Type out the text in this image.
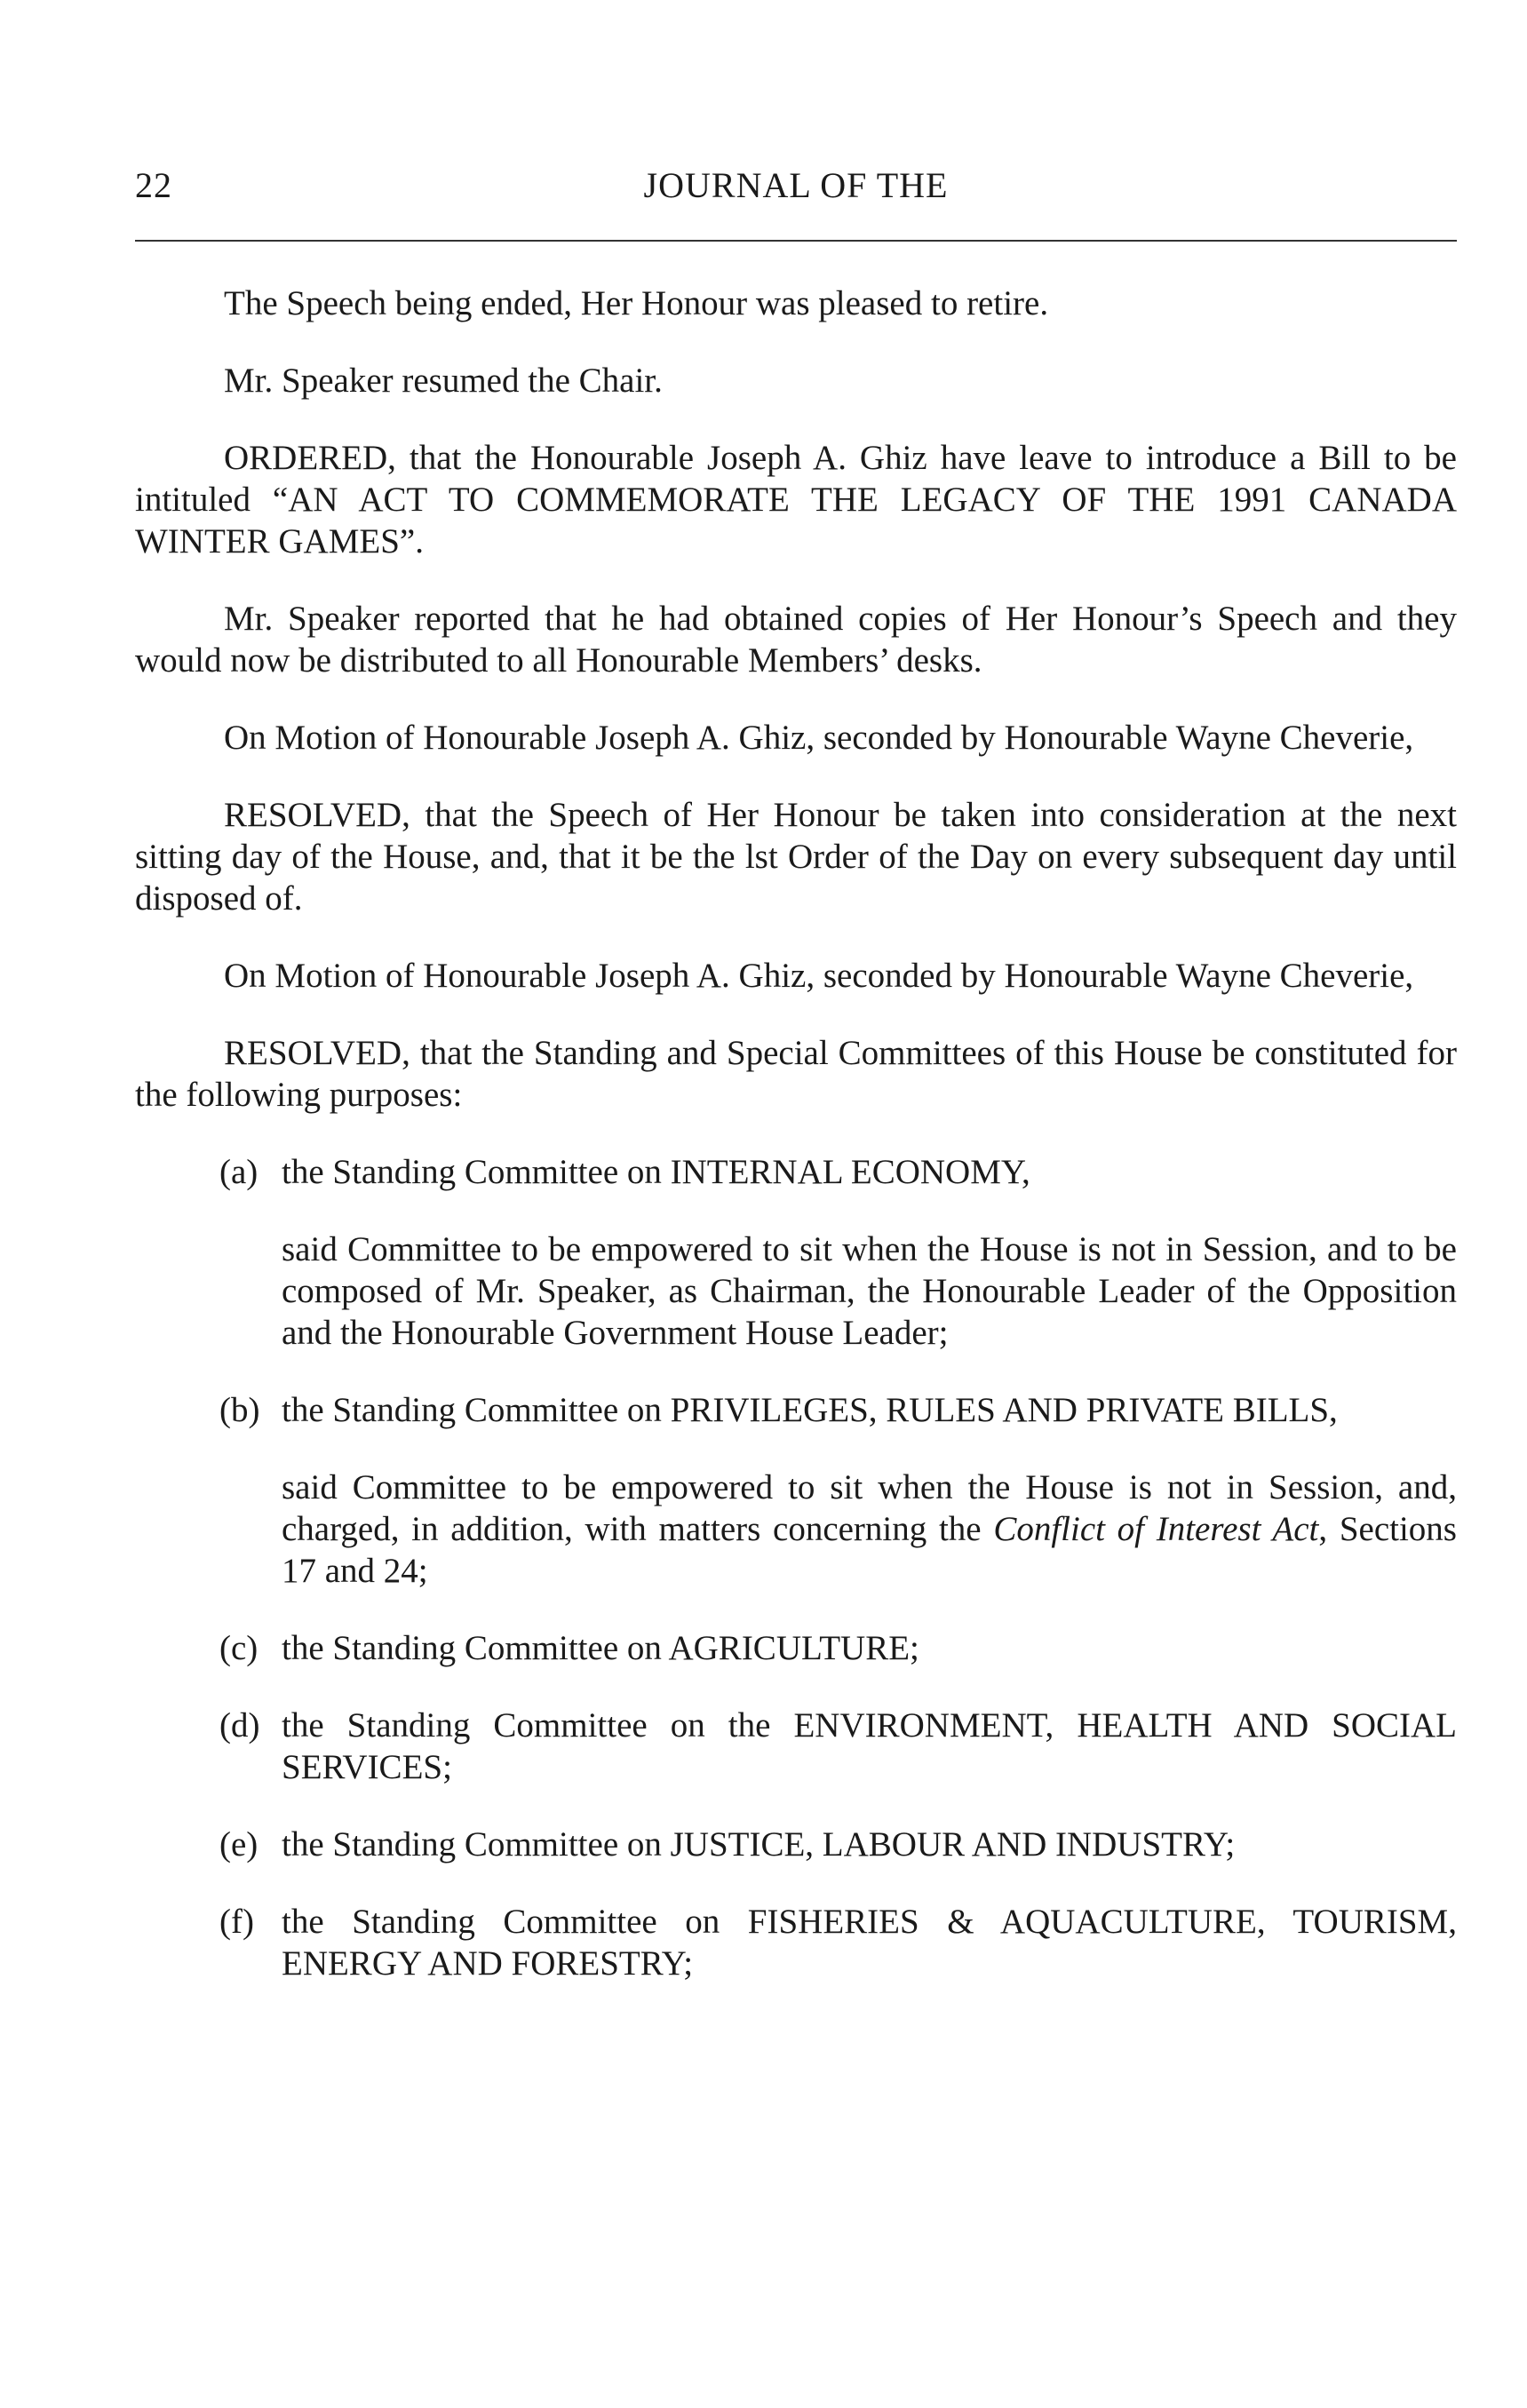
22	JOURNAL OF THE

The Speech being ended, Her Honour was pleased to retire.

Mr. Speaker resumed the Chair.

ORDERED, that the Honourable Joseph A. Ghiz have leave to introduce a Bill to be intituled “AN ACT TO COMMEMORATE THE LEGACY OF THE 1991 CANADA WINTER GAMES”.

Mr. Speaker reported that he had obtained copies of Her Honour’s Speech and they would now be distributed to all Honourable Members’ desks.

On Motion of Honourable Joseph A. Ghiz, seconded by Honourable Wayne Cheverie,

RESOLVED, that the Speech of Her Honour be taken into consideration at the next sitting day of the House, and, that it be the lst Order of the Day on every subsequent day until disposed of.

On Motion of Honourable Joseph A. Ghiz, seconded by Honourable Wayne Cheverie,

RESOLVED, that the Standing and Special Committees of this House be constituted for the following purposes:

(a) the Standing Committee on INTERNAL ECONOMY,
said Committee to be empowered to sit when the House is not in Session, and to be composed of Mr. Speaker, as Chairman, the Honourable Leader of the Opposition and the Honourable Government House Leader;
(b) the Standing Committee on PRIVILEGES, RULES AND PRIVATE BILLS,
said Committee to be empowered to sit when the House is not in Session, and, charged, in addition, with matters concerning the Conflict of Interest Act, Sections 17 and 24;
(c) the Standing Committee on AGRICULTURE;
(d) the Standing Committee on the ENVIRONMENT, HEALTH AND SOCIAL SERVICES;
(e) the Standing Committee on JUSTICE, LABOUR AND INDUSTRY;
(f) the Standing Committee on FISHERIES & AQUACULTURE, TOURISM, ENERGY AND FORESTRY;
